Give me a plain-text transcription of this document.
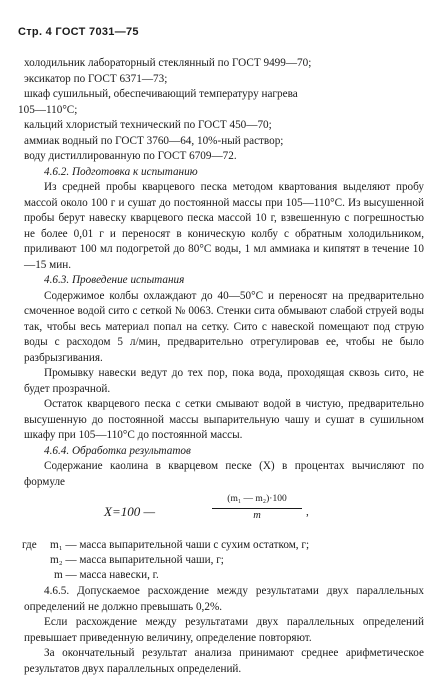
Стр. 4 ГОСТ 7031—75

холодильник лабораторный стеклянный по ГОСТ 9499—70;

эксикатор по ГОСТ 6371—73;

шкаф сушильный, обеспечивающий температуру нагрева

105—110°С;

кальций хлористый технический по ГОСТ 450—70;

аммиак водный по ГОСТ 3760—64, 10%-ный раствор;

воду дистиллированную по ГОСТ 6709—72.

4.6.2. Подготовка к испытанию

Из средней пробы кварцевого песка методом квартования выделяют пробу массой около 100 г и сушат до постоянной массы при 105—110°С. Из высушенной пробы берут навеску кварцевого песка массой 10 г, взвешенную с погрешностью не более 0,01 г и переносят в коническую колбу с обратным холодильником, приливают 100 мл подогретой до 80°С воды, 1 мл аммиака и кипятят в течение 10—15 мин.

4.6.3. Проведение испытания

Содержимое колбы охлаждают до 40—50°С и переносят на предварительно смоченное водой сито с сеткой № 0063. Стенки сита обмывают слабой струей воды так, чтобы весь материал попал на сетку. Сито с навеской помещают под струю воды с расходом 5 л/мин, предварительно отрегулировав ее, чтобы не было разбрызгивания.

Промывку навески ведут до тех пор, пока вода, проходящая сквозь сито, не будет прозрачной.

Остаток кварцевого песка с сетки смывают водой в чистую, предварительно высушенную до постоянной массы выпарительную чашу и сушат в сушильном шкафу при 105—110°С до постоянной массы.

4.6.4. Обработка результатов

Содержание каолина в кварцевом песке (X) в процентах вычисляют по формуле

X=100 —	$\frac{\text{(m₁ — m₂)·100}}{m}$ ,
где m₁ — масса выпарительной чаши с сухим остатком, г;
m₂ — масса выпарительной чаши, г;
m — масса навески, г.

4.6.5. Допускаемое расхождение между результатами двух параллельных определений не должно превышать 0,2%.

Если расхождение между результатами двух параллельных определений превышает приведенную величину, определение повторяют.

За окончательный результат анализа принимают среднее арифметическое результатов двух параллельных определений.
